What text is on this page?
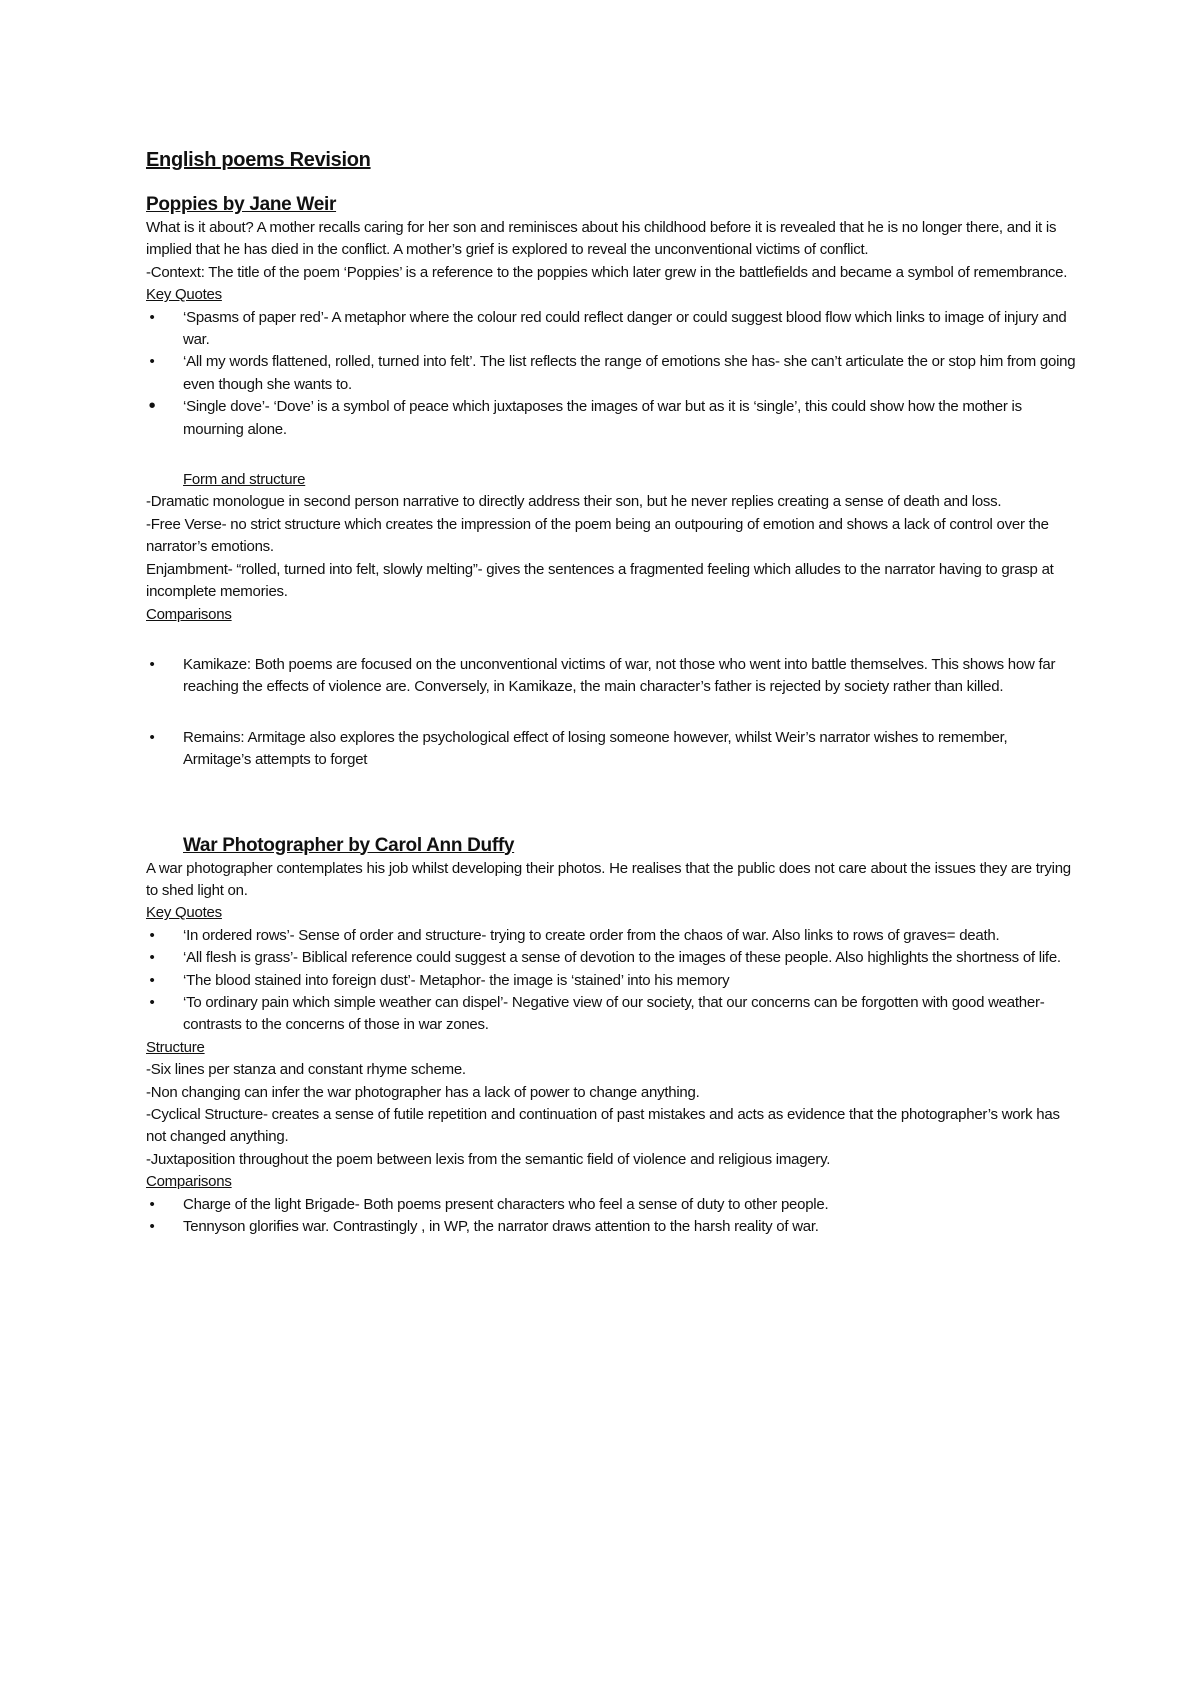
English poems Revision
Poppies by Jane Weir

What is it about? A mother recalls caring for her son and reminisces about his childhood before it is revealed that he is no longer there, and it is implied that he has died in the conflict. A mother’s grief is explored to reveal the unconventional victims of conflict.

-Context: The title of the poem ‘Poppies’ is a reference to the poppies which later grew in the battlefields and became a symbol of remembrance.

Key Quotes

• ‘Spasms of paper red’- A metaphor where the colour red could reflect danger or could suggest blood flow which links to image of injury and war.
• ‘All my words flattened, rolled, turned into felt’. The list reflects the range of emotions she has- she can’t articulate the or stop him from going even though she wants to.
• ‘Single dove’- ‘Dove’ is a symbol of peace which juxtaposes the images of war but as it is ‘single’, this could show how the mother is mourning alone.

Form and structure

-Dramatic monologue in second person narrative to directly address their son, but he never replies creating a sense of death and loss.

-Free Verse- no strict structure which creates the impression of the poem being an outpouring of emotion and shows a lack of control over the narrator’s emotions.

Enjambment- “rolled, turned into felt, slowly melting”- gives the sentences a fragmented feeling which alludes to the narrator having to grasp at incomplete memories.

Comparisons

• Kamikaze: Both poems are focused on the unconventional victims of war, not those who went into battle themselves. This shows how far reaching the effects of violence are. Conversely, in Kamikaze, the main character’s father is rejected by society rather than killed.
• Remains: Armitage also explores the psychological effect of losing someone however, whilst Weir’s narrator wishes to remember, Armitage’s attempts to forget
War Photographer by Carol Ann Duffy

A war photographer contemplates his job whilst developing their photos. He realises that the public does not care about the issues they are trying to shed light on.

Key Quotes

• ‘In ordered rows’- Sense of order and structure- trying to create order from the chaos of war. Also links to rows of graves= death.
• ‘All flesh is grass’- Biblical reference could suggest a sense of devotion to the images of these people. Also highlights the shortness of life.
• ‘The blood stained into foreign dust’- Metaphor- the image is ‘stained’ into his memory
• ‘To ordinary pain which simple weather can dispel’- Negative view of our society, that our concerns can be forgotten with good weather- contrasts to the concerns of those in war zones.

Structure

-Six lines per stanza and constant rhyme scheme.

-Non changing can infer the war photographer has a lack of power to change anything.

-Cyclical Structure- creates a sense of futile repetition and continuation of past mistakes and acts as evidence that the photographer’s work has not changed anything.

-Juxtaposition throughout the poem between lexis from the semantic field of violence and religious imagery.

Comparisons

• Charge of the light Brigade- Both poems present characters who feel a sense of duty to other people.
• Tennyson glorifies war. Contrastingly , in WP, the narrator draws attention to the harsh reality of war.
